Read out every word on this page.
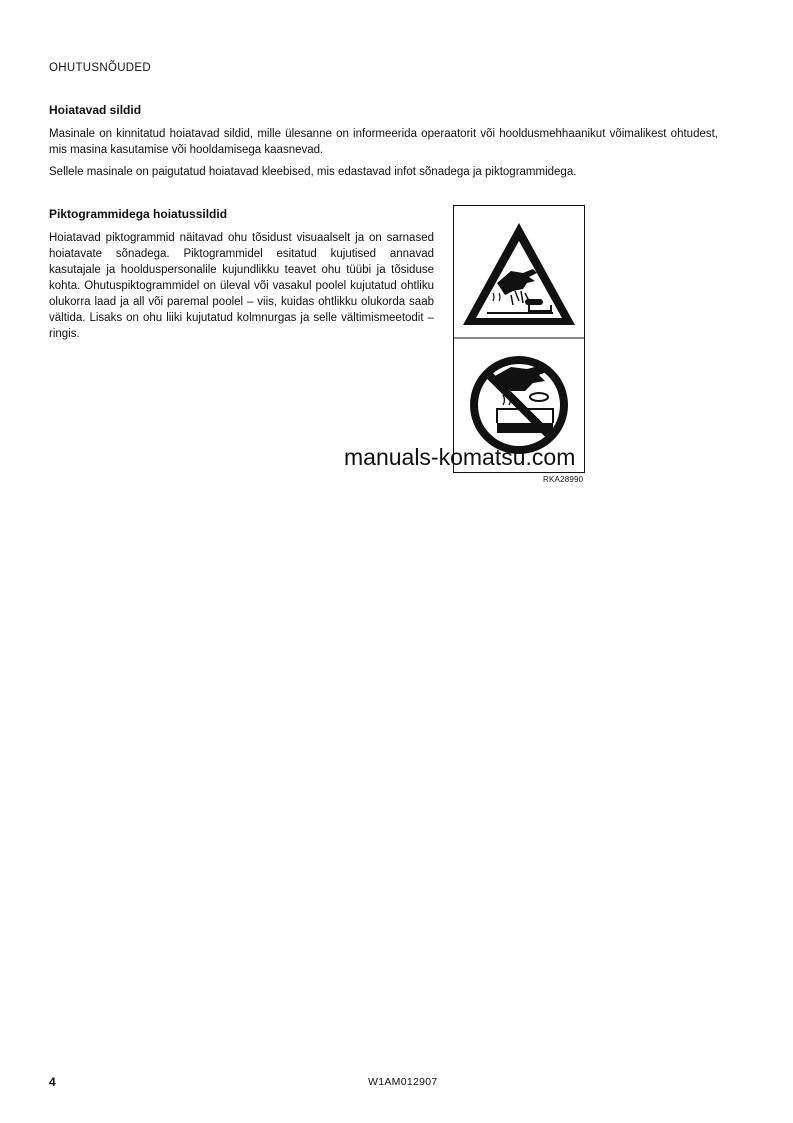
OHUTUSNÕUDED
Hoiatavad sildid
Masinale on kinnitatud hoiatavad sildid, mille ülesanne on informeerida operaatorit või hooldusmehhaanikut võimalikest ohtudest, mis masina kasutamise või hooldamisega kaasnevad.
Sellele masinale on paigutatud hoiatavad kleebised, mis edastavad infot sõnadega ja piktogrammidega.
Piktogrammidega hoiatussildid
Hoiatavad piktogrammid näitavad ohu tõsidust visuaalselt ja on sarnased hoiatavate sõnadega. Piktogrammidel esitatud kujutised annavad kasutajale ja hoolduspersonalile kujundlikku teavet ohu tüübi ja tõsiduse kohta. Ohutuspiktogrammidel on üleval või vasakul poolel kujutatud ohtliku olukorra laad ja all või paremal poolel – viis, kuidas ohtlikku olukorda saab vältida. Lisaks on ohu liiki kujutatud kolmnurgas ja selle vältimismeetodit – ringis.
RKA28990
manuals-komatsu.com
4	W1AM012907
